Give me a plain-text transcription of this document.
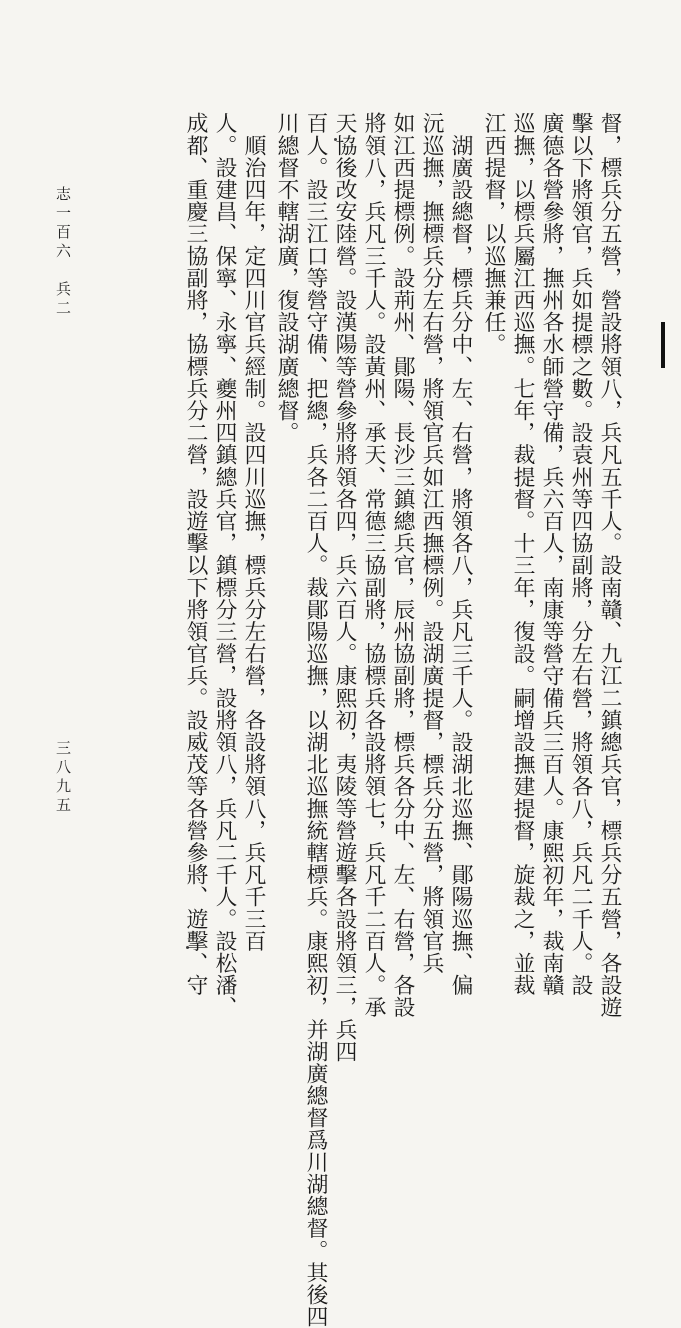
志一百六　兵二
三八九五	督，標兵分五營，營設將領八，兵凡五千人。設南贛、九江二鎮總兵官，標兵分五營，各設遊
擊以下將領官，兵如提標之數。設袁州等四協副將，分左右營，將領各八，兵凡二千人。設
廣德各營參將，撫州各水師營守備，兵六百人，南康等營守備兵三百人。康熙初年，裁南贛
巡撫，以標兵屬江西巡撫。七年，裁提督。十三年，復設。嗣增設撫建提督，旋裁之，並裁
江西提督，以巡撫兼任。
　湖廣設總督，標兵分中、左、右營，將領各八，兵凡三千人。設湖北巡撫、鄖陽巡撫、偏
沅巡撫，撫標兵分左右營，將領官兵如江西撫標例。設湖廣提督，標兵分五營，將領官兵
如江西提標例。設荊州、鄖陽、長沙三鎮總兵官，辰州協副將，標兵各分中、左、右營，各設
將領八，兵凡三千人。設黃州、承天、常德三協副將，協標兵各設將領七，兵凡千二百人。承
天協後改安陸營。設漢陽等營參將將領各四，兵六百人。康熙初，夷陵等營遊擊各設將領三，兵四
百人。設三江口等營守備、把總，兵各二百人。裁鄖陽巡撫，以湖北巡撫統轄標兵。康熙初，并湖廣總督爲川湖總督。其後四
川總督不轄湖廣，復設湖廣總督。
　順治四年，定四川官兵經制。設四川巡撫，標兵分左右營，各設將領八，兵凡千三百
人。設建昌、保寧、永寧、夔州四鎮總兵官，鎮標分三營，設將領八，兵凡二千人。設松潘、
成都、重慶三協副將，協標兵分二營，設遊擊以下將領官兵。設威茂等各營參將、遊擊、守
